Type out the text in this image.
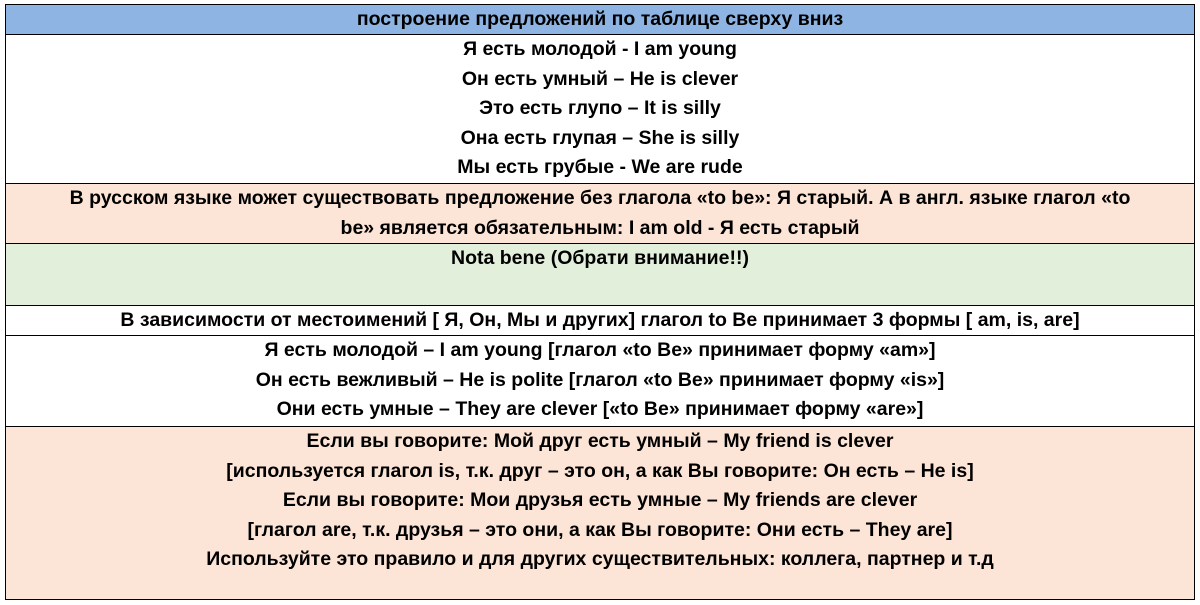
построение предложений по таблице сверху вниз
Я есть молодой - I am young
Он есть умный – He is clever
Это есть глупо – It is silly
Она есть глупая – She is silly
Мы есть грубые - We are rude
В русском языке может существовать предложение без глагола «to be»: Я старый. А в англ. языке глагол «to
be» является обязательным: I am old - Я есть старый
Nota bene (Обрати внимание!!)
В зависимости от местоимений [ Я, Он, Мы и других] глагол to Be принимает 3 формы [ am, is, are]
Я есть молодой – I am young [глагол «to Be» принимает форму «am»]
Он есть вежливый – He is polite [глагол «to Be» принимает форму «is»]
Они есть умные – They are clever [«to Be» принимает форму «are»]
Если вы говорите: Мой друг есть умный – My friend is clever
[используется глагол is, т.к. друг – это он, а как Вы говорите: Он есть – He is]
Если вы говорите: Мои друзья есть умные – My friends are clever
[глагол are, т.к. друзья – это они, а как Вы говорите: Они есть – They are]
Используйте это правило и для других существительных: коллега, партнер и т.д
